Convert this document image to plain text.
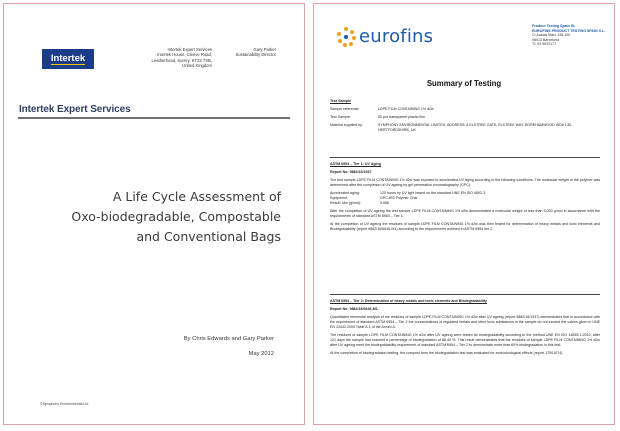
Intertek
Intertek Expert Services
Intertek House, Cleeve Road,
Leatherhead, Surrey, KT22 7SB,
United Kingdom
Gary Parker
Sustainability Director
Intertek Expert Services
A Life Cycle Assessment of
Oxo-biodegradable, Compostable
and Conventional Bags
By Chris Edwards and Gary Parker
May 2012
©Symphony Environmental Ltd
eurofins	Product Testing Spain SL
EUROFINS PRODUCT TESTING SPAIN S.L.
C/ Ausias Marc 148-150
08013 Barcelona
Tf. 93 5533177
Summary of Testing
Test Sample
Sample reference:	LDPE FILM CONTAINING 1% d2w
Test Sample:	50 µm transparent plastic film
Material supplied by:	SYMPHONY ENVIRONMENTAL LIMITED, ADDRESS: 6 ELSTREE GATE, ELSTREE WAY, BOREHAMWOOD WD6 1JD, HERTFORDSHIRE, UK
ASTM 6954 – Tier 1: UV Aging
Report No: 9882/16/1937
The test sample LDPE FILM CONTAINING 1% d2w was exposed to accelerated UV aging according to the following conditions. The molecular weight of the polymer was determined after the completion of UV ageing by gel permeation chromatography (GPC).
Accelerated aging:	120 hours by UV light based on the standard UNE EN ISO 4892-3.
Equipment:	GPC-IR5 Polymer Char
Result: Mw (g/mol):	3.066
After the completion of UV ageing the test sample LDPE FILM CONTAINING 1% d2w demonstrated a molecular weight of less than 5,000 g/mol in accordance with the requirements of standard ASTM 6954 – Tier 1.
At the completion of UV ageing the residues of sample LDPE FILM CONTAINING 1% d2w was then tested for determination of heavy metals and toxic elements and Biodegradability (report 9882/16/6646-M1) according to the requirements outlined in ASTM 6954 tier 2.
ASTM 6954 – Tier 2: Determination of heavy metals and toxic elements and Biodegradability
Report No: 9882/16/6646-M1
Quantitative elemental analysis of the residues of sample LDPE FILM CONTAINING 1% d2w after UV ageing (report 9882/16/1937) demonstrates that in accordance with the requirement of standard ASTM 6954 – Tier 2 the concentrations of regulated metals and other toxic substances in the sample do not exceed the values given in UNE EN 13432:2000 Table A.1 of the Annex A.
The residues of sample LDPE FILM CONTAINING 1% d2w after UV ageing were tested for biodegradability according to the method UNE EN ISO 14855-1:2012, after 121 days the sample had reached a percentage of biodegradation of 88.40 %. This result demonstrates that the residues of sample LDPE FILM CONTAINING 1% d2w after UV ageing meet the biodegradability requirement of standard ASTM 6954 – Tier 2 to demonstrate more than 60% biodegradation in this test.
At the completion of biodegradation testing, the compost from the biodegradation test was evaluated for ecotoxicological effects (report 17001074).
